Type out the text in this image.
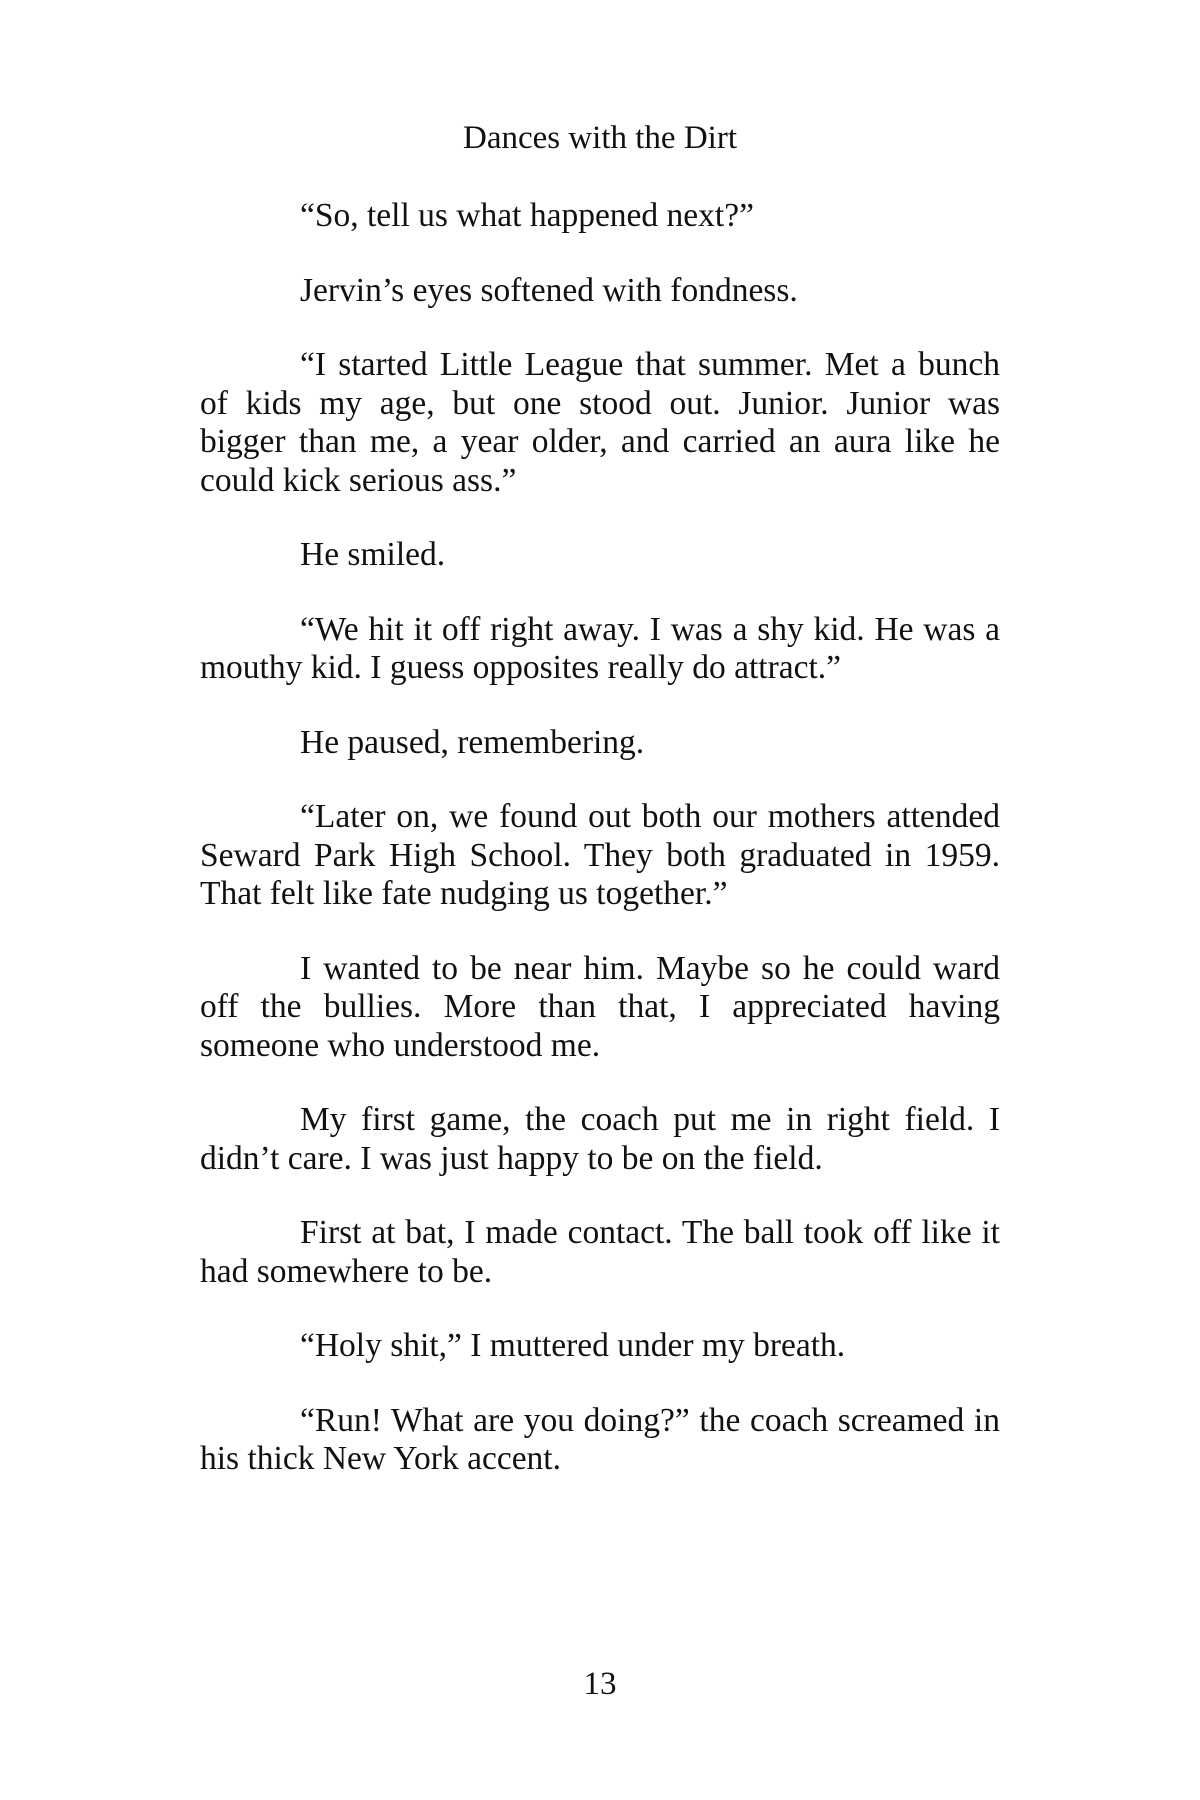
Dances with the Dirt

“So, tell us what happened next?”

Jervin’s eyes softened with fondness.

“I started Little League that summer. Met a bunch of kids my age, but one stood out. Junior. Junior was bigger than me, a year older, and carried an aura like he could kick serious ass.”

He smiled.

“We hit it off right away. I was a shy kid. He was a mouthy kid. I guess opposites really do attract.”

He paused, remembering.

“Later on, we found out both our mothers attended Seward Park High School. They both graduated in 1959. That felt like fate nudging us together.”

I wanted to be near him. Maybe so he could ward off the bullies. More than that, I appreciated having someone who understood me.

My first game, the coach put me in right field. I didn’t care. I was just happy to be on the field.

First at bat, I made contact. The ball took off like it had somewhere to be.

“Holy shit,” I muttered under my breath.

“Run! What are you doing?” the coach screamed in his thick New York accent.

13
